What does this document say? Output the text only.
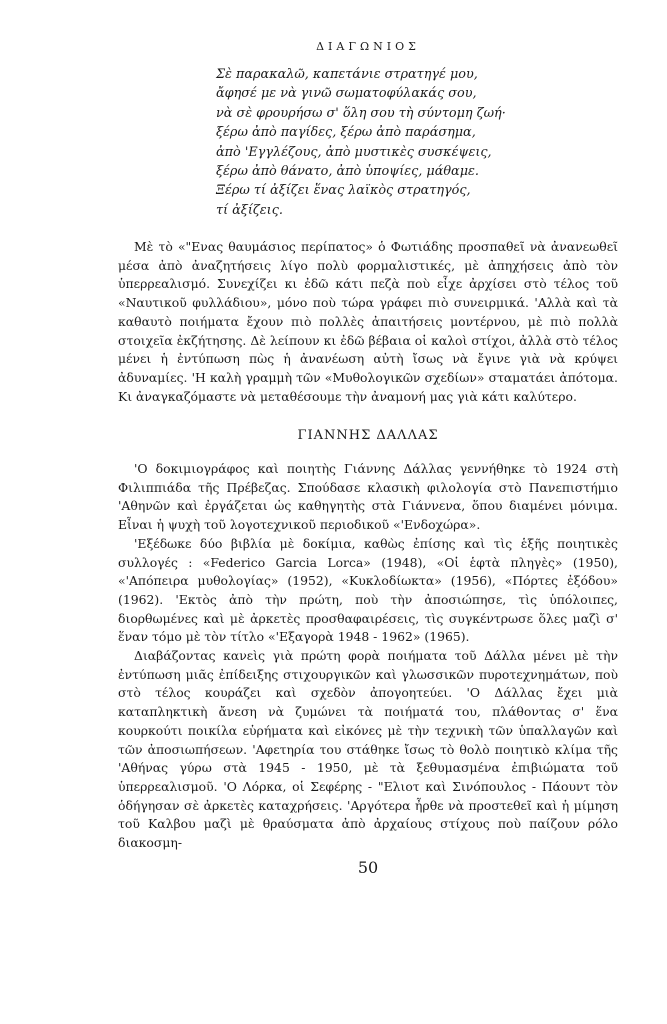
ΔΙΑΓΩΝΙΟΣ
Σὲ παρακαλῶ, καπετάνιε στρατηγέ μου,
ἄφησέ με νὰ γινῶ σωματοφύλακάς σου,
νὰ σὲ φρουρήσω σ' ὅλη σου τὴ σύντομη ζωή·
ξέρω ἀπὸ παγίδες, ξέρω ἀπὸ παράσημα,
ἀπὸ 'Εγγλέζους, ἀπὸ μυστικὲς συσκέψεις,
ξέρω ἀπὸ θάνατο, ἀπὸ ὑποψίες, μάθαμε.
Ξέρω τί ἀξίζει ἕνας λαϊκὸς στρατηγός,
τί ἀξίζεις.

Μὲ τὸ «"Ενας θαυμάσιος περίπατος» ὁ Φωτιάδης προσπαθεῖ νὰ ἀνανεωθεῖ μέσα ἀπὸ ἀναζητήσεις λίγο πολὺ φορμαλιστικές, μὲ ἀπηχήσεις ἀπὸ τὸν ὑπερρεαλισμό. Συνεχίζει κι ἐδῶ κάτι πεζὰ ποὺ εἶχε ἀρχίσει στὸ τέλος τοῦ «Ναυτικοῦ φυλλάδιου», μόνο ποὺ τώρα γράφει πιὸ συνειρμικά. 'Αλλὰ καὶ τὰ καθαυτὸ ποιήματα ἔχουν πιὸ πολλὲς ἀπαιτήσεις μοντέρνου, μὲ πιὸ πολλὰ στοιχεῖα ἐκζήτησης. Δὲ λείπουν κι ἐδῶ βέβαια οἱ καλοὶ στίχοι, ἀλλὰ στὸ τέλος μένει ἡ ἐντύπωση πὼς ἡ ἀνανέωση αὐτὴ ἴσως νὰ ἔγινε γιὰ νὰ κρύψει ἀδυναμίες. 'Η καλὴ γραμμὴ τῶν «Μυθολογικῶν σχεδίων» σταματάει ἀπότομα. Κι ἀναγκαζόμαστε νὰ μεταθέσουμε τὴν ἀναμονή μας γιὰ κάτι καλύτερο.

ΓΙΑΝΝΗΣ ΔΑΛΛΑΣ

'Ο δοκιμιογράφος καὶ ποιητὴς Γιάννης Δάλλας γεννήθηκε τὸ 1924 στὴ Φιλιππιάδα τῆς Πρέβεζας. Σπούδασε κλασικὴ φιλολογία στὸ Πανεπιστήμιο 'Αθηνῶν καὶ ἐργάζεται ὡς καθηγητὴς στὰ Γιάννενα, ὅπου διαμένει μόνιμα. Εἶναι ἡ ψυχὴ τοῦ λογοτεχνικοῦ περιοδικοῦ «'Ενδοχώρα».

'Εξέδωκε δύο βιβλία μὲ δοκίμια, καθὼς ἐπίσης καὶ τὶς ἑξῆς ποιητικὲς συλλογές : «Federico Garcia Lorca» (1948), «Οἱ ἑφτὰ πληγὲς» (1950), «'Απόπειρα μυθολογίας» (1952), «Κυκλοδίωκτα» (1956), «Πόρτες ἐξόδου» (1962). 'Εκτὸς ἀπὸ τὴν πρώτη, ποὺ τὴν ἀποσιώπησε, τὶς ὑπόλοιπες, διορθωμένες καὶ μὲ ἀρκετὲς προσθαφαιρέσεις, τὶς συγκέντρωσε ὅλες μαζὶ σ' ἕναν τόμο μὲ τὸν τίτλο «'Εξαγορὰ 1948 - 1962» (1965).

Διαβάζοντας κανεὶς γιὰ πρώτη φορὰ ποιήματα τοῦ Δάλλα μένει μὲ τὴν ἐντύπωση μιᾶς ἐπίδειξης στιχουργικῶν καὶ γλωσσικῶν πυροτεχνημάτων, ποὺ στὸ τέλος κουράζει καὶ σχεδὸν ἀπογοητεύει. 'Ο Δάλλας ἔχει μιὰ καταπληκτικὴ ἄνεση νὰ ζυμώνει τὰ ποιήματά του, πλάθοντας σ' ἕνα κουρκούτι ποικίλα εὑρήματα καὶ εἰκόνες μὲ τὴν τεχνικὴ τῶν ὑπαλλαγῶν καὶ τῶν ἀποσιωπήσεων. 'Αφετηρία του στάθηκε ἴσως τὸ θολὸ ποιητικὸ κλίμα τῆς 'Αθήνας γύρω στὰ 1945 - 1950, μὲ τὰ ξεθυμασμένα ἐπιβιώματα τοῦ ὑπερρεαλισμοῦ. 'Ο Λόρκα, οἱ Σεφέρης - "Ελιοτ καὶ Σινόπουλος - Πάουντ τὸν ὁδήγησαν σὲ ἀρκετὲς καταχρήσεις. 'Αργότερα ἦρθε νὰ προστεθεῖ καὶ ἡ μίμηση τοῦ Καλβου μαζὶ μὲ θραύσματα ἀπὸ ἀρχαίους στίχους ποὺ παίζουν ρόλο διακοσμη-

50
